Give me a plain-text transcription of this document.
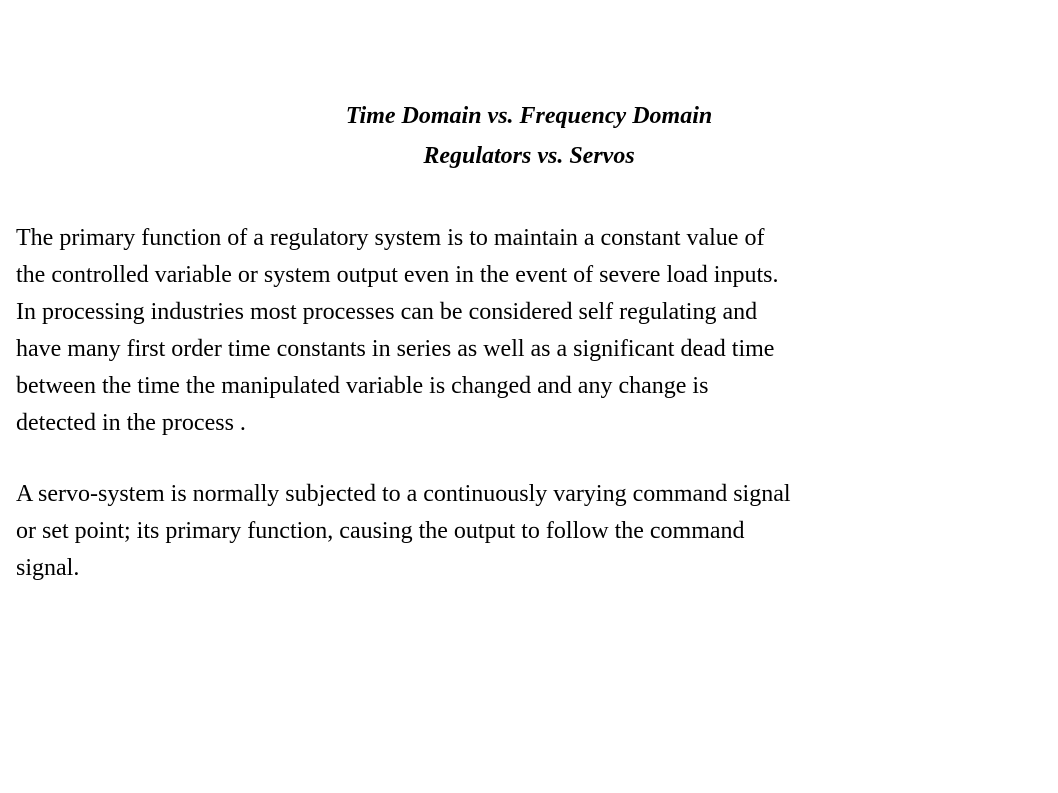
Time Domain vs. Frequency Domain
Regulators vs. Servos
The primary function of a regulatory system is to maintain a constant value of
the controlled variable or system output even in the event of severe load inputs.
In processing industries most processes can be considered self regulating and
have many first order time constants in series as well as a significant dead time
between the time the manipulated variable is changed and any change is
detected in the process .
A servo-system is normally subjected to a continuously varying command signal
or set point; its primary function, causing the output to follow the command
signal.
